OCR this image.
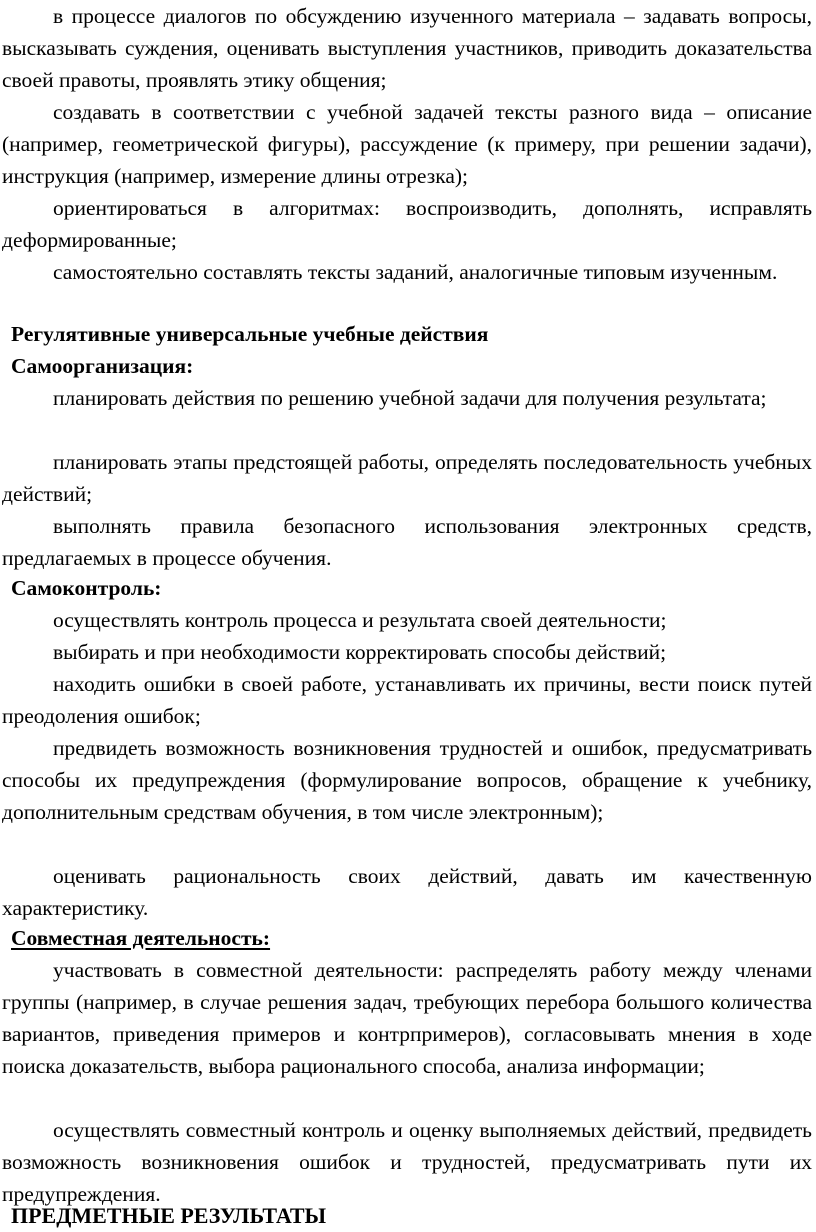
в процессе диалогов по обсуждению изученного материала – задавать вопросы, высказывать суждения, оценивать выступления участников, приводить доказательства своей правоты, проявлять этику общения;

создавать в соответствии с учебной задачей тексты разного вида – описание (например, геометрической фигуры), рассуждение (к примеру, при решении задачи), инструкция (например, измерение длины отрезка);

ориентироваться в алгоритмах: воспроизводить, дополнять, исправлять деформированные;

самостоятельно составлять тексты заданий, аналогичные типовым изученным.

Регулятивные универсальные учебные действия

Самоорганизация:

планировать действия по решению учебной задачи для получения результата;

планировать этапы предстоящей работы, определять последовательность учебных действий;

выполнять правила безопасного использования электронных средств, предлагаемых в процессе обучения.

Самоконтроль:

осуществлять контроль процесса и результата своей деятельности;

выбирать и при необходимости корректировать способы действий;

находить ошибки в своей работе, устанавливать их причины, вести поиск путей преодоления ошибок;

предвидеть возможность возникновения трудностей и ошибок, предусматривать способы их предупреждения (формулирование вопросов, обращение к учебнику, дополнительным средствам обучения, в том числе электронным);

оценивать рациональность своих действий, давать им качественную характеристику.

Совместная деятельность:

участвовать в совместной деятельности: распределять работу между членами группы (например, в случае решения задач, требующих перебора большого количества вариантов, приведения примеров и контрпримеров), согласовывать мнения в ходе поиска доказательств, выбора рационального способа, анализа информации;

осуществлять совместный контроль и оценку выполняемых действий, предвидеть возможность возникновения ошибок и трудностей, предусматривать пути их предупреждения.

ПРЕДМЕТНЫЕ РЕЗУЛЬТАТЫ
